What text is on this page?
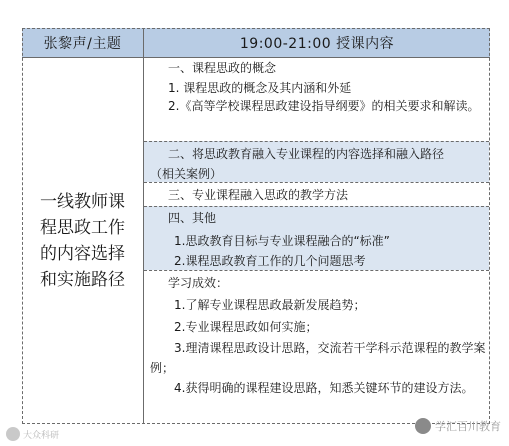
张黎声/主题	19:00-21:00 授课内容
一线教师课程思政工作的内容选择和实施路径
一、课程思政的概念
1. 课程思政的概念及其内涵和外延
2.《高等学校课程思政建设指导纲要》的相关要求和解读。
二、将思政教育融入专业课程的内容选择和融入路径
（相关案例）
三、专业课程融入思政的教学方法
四、其他
1.思政教育目标与专业课程融合的“标准”
2.课程思政教育工作的几个问题思考
学习成效：
1.了解专业课程思政最新发展趋势；
2.专业课程思政如何实施；
3.理清课程思政设计思路，交流若干学科示范课程的教学案例；
4.获得明确的课程建设思路，知悉关键环节的建设方法。
大众科研
学汇百川教育
